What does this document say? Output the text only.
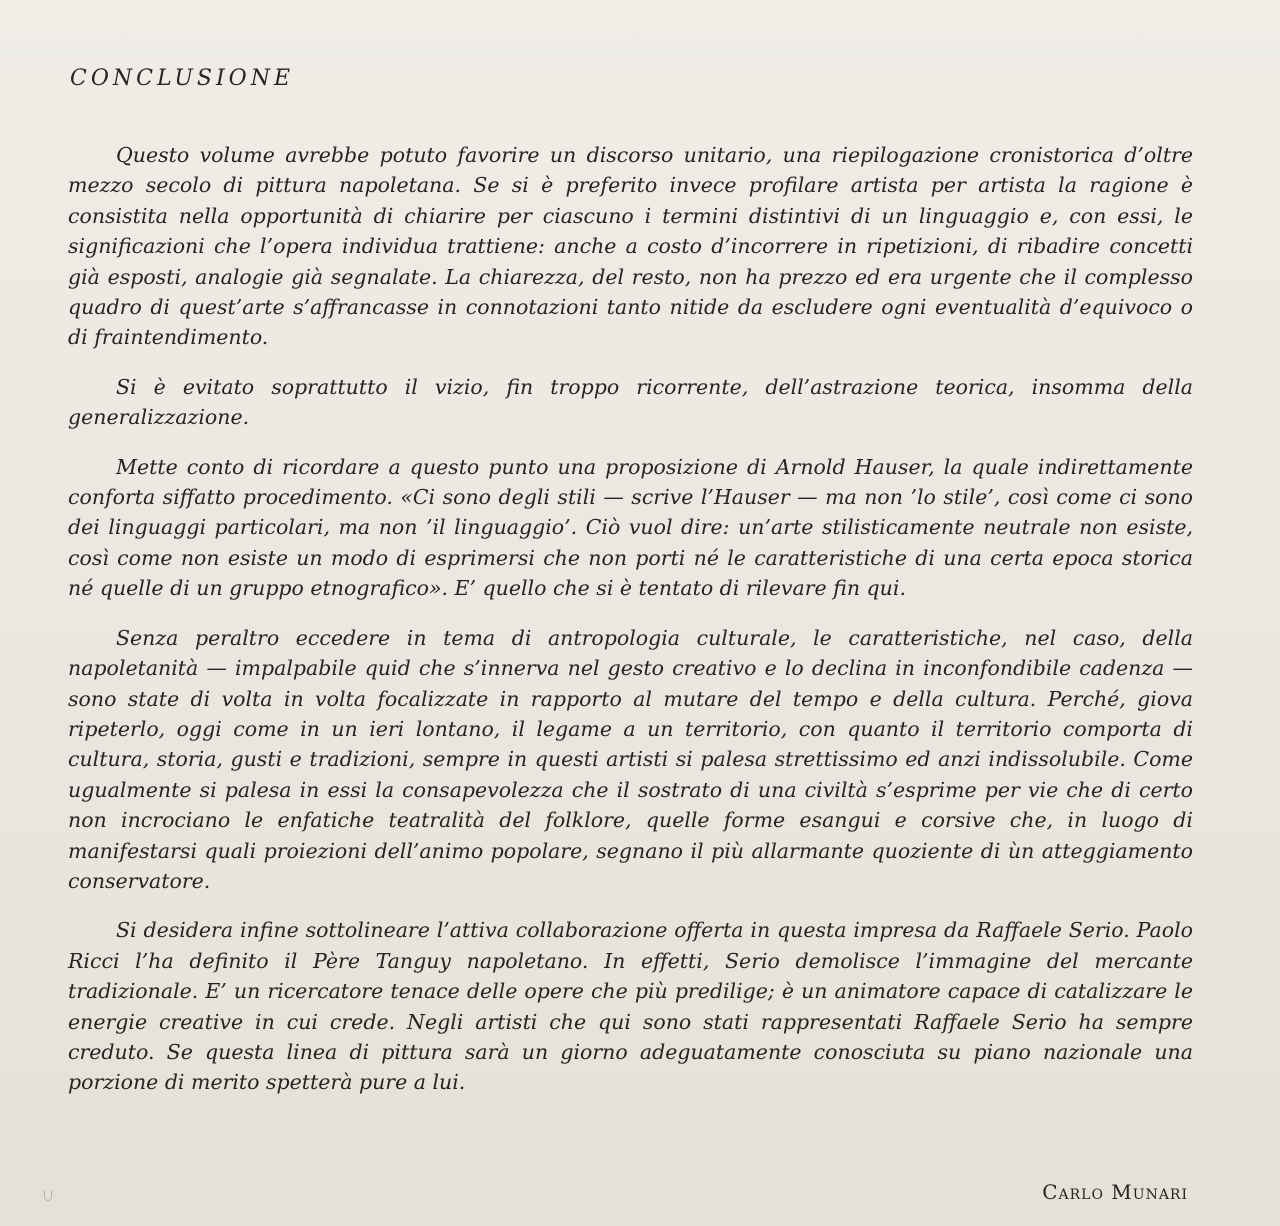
CONCLUSIONE

Questo volume avrebbe potuto favorire un discorso unitario, una riepilogazione cronistorica d’oltre mezzo secolo di pittura napoletana. Se si è preferito invece profilare artista per artista la ragione è consistita nella opportunità di chiarire per ciascuno i termini distintivi di un linguaggio e, con essi, le significazioni che l’opera individua trattiene: anche a costo d’incorrere in ripetizioni, di ribadire concetti già esposti, analogie già segnalate. La chiarezza, del resto, non ha prezzo ed era urgente che il complesso quadro di quest’arte s’affrancasse in connotazioni tanto nitide da escludere ogni eventualità d’equivoco o di fraintendimento.

Si è evitato soprattutto il vizio, fin troppo ricorrente, dell’astrazione teorica, insomma della generalizzazione.

Mette conto di ricordare a questo punto una proposizione di Arnold Hauser, la quale indirettamente conforta siffatto procedimento. «Ci sono degli stili — scrive l’Hauser — ma non ’lo stile’, così come ci sono dei linguaggi particolari, ma non ’il linguaggio’. Ciò vuol dire: un’arte stilisticamente neutrale non esiste, così come non esiste un modo di esprimersi che non porti né le caratteristiche di una certa epoca storica né quelle di un gruppo etnografico». E’ quello che si è tentato di rilevare fin qui.

Senza peraltro eccedere in tema di antropologia culturale, le caratteristiche, nel caso, della napoletanità — impalpabile quid che s’innerva nel gesto creativo e lo declina in inconfondibile cadenza — sono state di volta in volta focalizzate in rapporto al mutare del tempo e della cultura. Perché, giova ripeterlo, oggi come in un ieri lontano, il legame a un territorio, con quanto il territorio comporta di cultura, storia, gusti e tradizioni, sempre in questi artisti si palesa strettissimo ed anzi indissolubile. Come ugualmente si palesa in essi la consapevolezza che il sostrato di una civiltà s’esprime per vie che di certo non incrociano le enfatiche teatralità del folklore, quelle forme esangui e corsive che, in luogo di manifestarsi quali proiezioni dell’animo popolare, segnano il più allarmante quoziente di ùn atteggiamento conservatore.

Si desidera infine sottolineare l’attiva collaborazione offerta in questa impresa da Raffaele Serio. Paolo Ricci l’ha definito il Père Tanguy napoletano. In effetti, Serio demolisce l’immagine del mercante tradizionale. E’ un ricercatore tenace delle opere che più predilige; è un animatore capace di catalizzare le energie creative in cui crede. Negli artisti che qui sono stati rappresentati Raffaele Serio ha sempre creduto. Se questa linea di pittura sarà un giorno adeguatamente conosciuta su piano nazionale una porzione di merito spetterà pure a lui.

Carlo Munari
